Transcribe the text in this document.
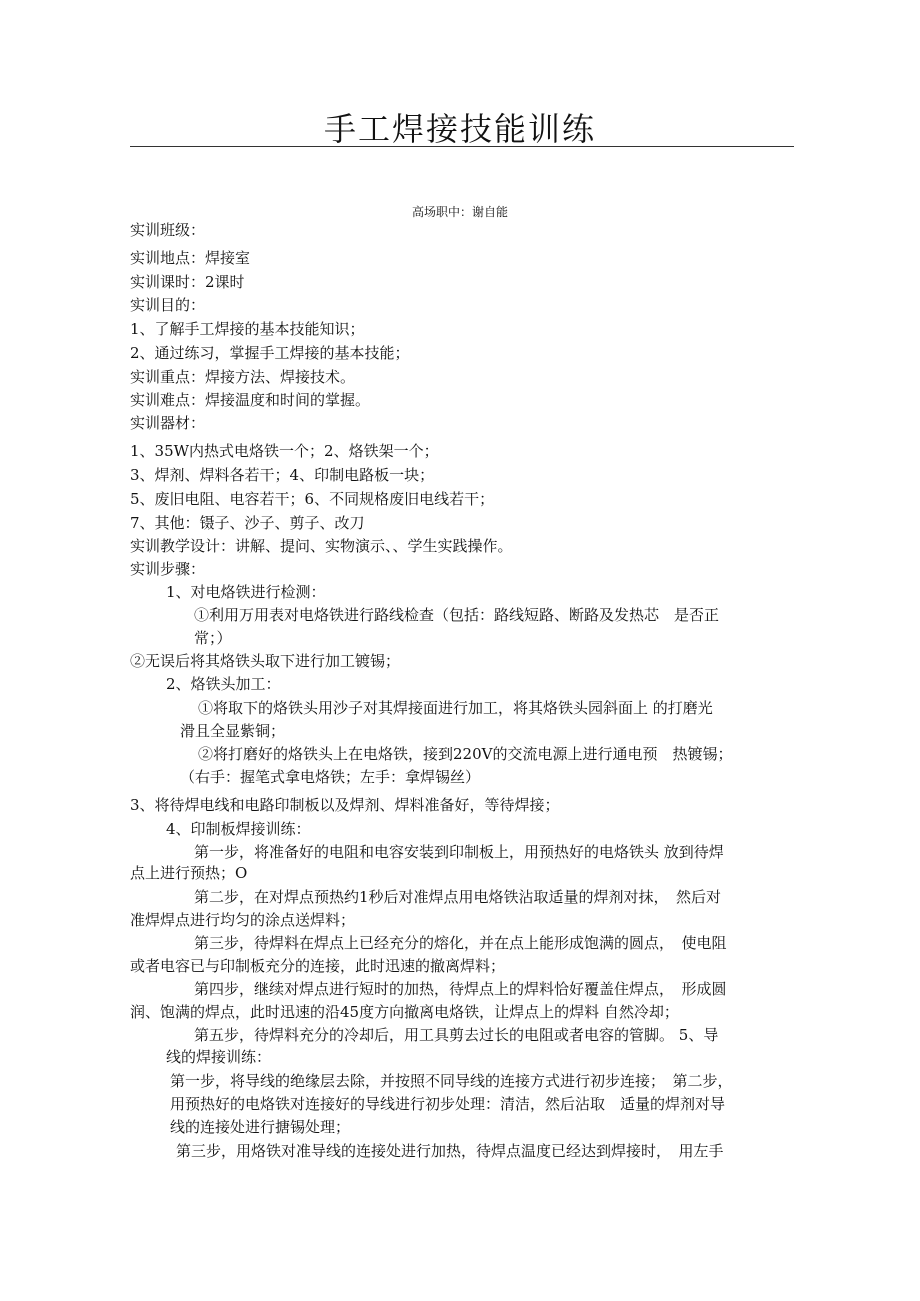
手工焊接技能训练
高场职中：谢自能
实训班级：
实训地点：焊接室
实训课时：2课时
实训目的：
1、了解手工焊接的基本技能知识；
2、通过练习，掌握手工焊接的基本技能；
实训重点：焊接方法、焊接技术。
实训难点：焊接温度和时间的掌握。
实训器材：
1、35W内热式电烙铁一个；2、烙铁架一个；
3、焊剂、焊料各若干；4、印制电路板一块；
5、废旧电阻、电容若干；6、不同规格废旧电线若干；
7、其他：镊子、沙子、剪子、改刀
实训教学设计：讲解、提问、实物演示、、学生实践操作。
实训步骤：
1、对电烙铁进行检测：
①利用万用表对电烙铁进行路线检查（包括：路线短路、断路及发热芯　是否正
常；）
②无误后将其烙铁头取下进行加工镀锡；
2、烙铁头加工：
①将取下的烙铁头用沙子对其焊接面进行加工，将其烙铁头园斜面上 的打磨光
滑且全显紫铜；
②将打磨好的烙铁头上在电烙铁，接到220V的交流电源上进行通电预　热镀锡；
（右手：握笔式拿电烙铁；左手：拿焊锡丝）
3、将待焊电线和电路印制板以及焊剂、焊料准备好，等待焊接；
4、印制板焊接训练：
第一步，将准备好的电阻和电容安装到印制板上，用预热好的电烙铁头 放到待焊
点上进行预热；O
第二步，在对焊点预热约1秒后对准焊点用电烙铁沾取适量的焊剂对抹，　然后对
准焊焊点进行均匀的涂点送焊料；
第三步，待焊料在焊点上已经充分的熔化，并在点上能形成饱满的圆点，　使电阻
或者电容已与印制板充分的连接，此时迅速的撤离焊料；
第四步，继续对焊点进行短时的加热，待焊点上的焊料恰好覆盖住焊点，　形成圆
润、饱满的焊点，此时迅速的沿45度方向撤离电烙铁，让焊点上的焊料 自然冷却；
第五步，待焊料充分的冷却后，用工具剪去过长的电阻或者电容的管脚。 5、导
线的焊接训练：
第一步，将导线的绝缘层去除，并按照不同导线的连接方式进行初步连接；　第二步，
用预热好的电烙铁对连接好的导线进行初步处理：清洁，然后沾取　适量的焊剂对导
线的连接处进行搪锡处理；
第三步，用烙铁对准导线的连接处进行加热，待焊点温度已经达到焊接时，　用左手
